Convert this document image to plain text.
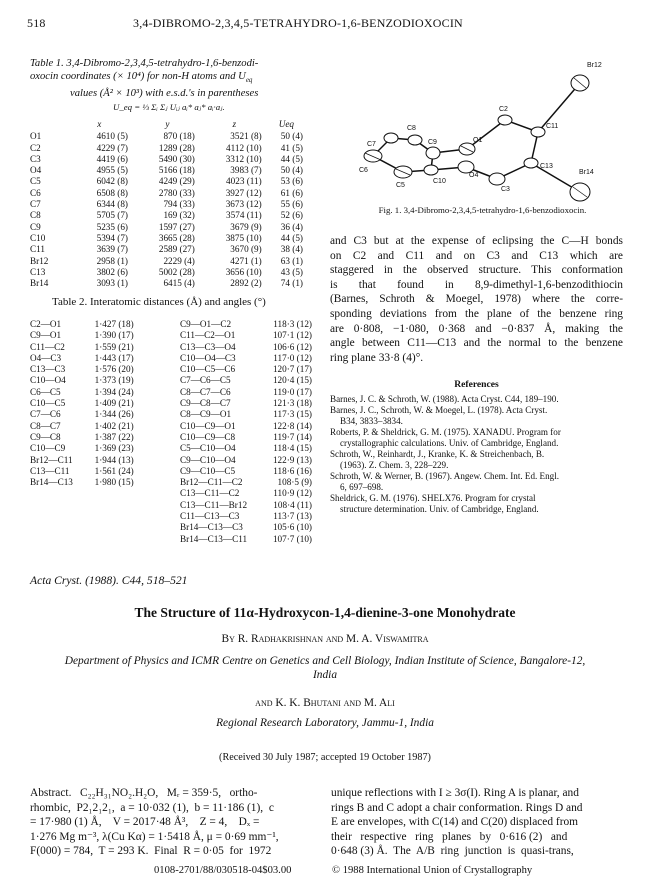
518	3,4-DIBROMO-2,3,4,5-TETRAHYDRO-1,6-BENZODIOXOCIN
Table 1. 3,4-Dibromo-2,3,4,5-tetrahydro-1,6-benzodi-
oxocin coordinates (× 10⁴) for non-H atoms and $U_{eq}$
values (Å² × 10³) with e.s.d.'s in parentheses
U_eq = ⅓ Σᵢ Σⱼ Uᵢⱼ aᵢ* aⱼ* aᵢ·aⱼ.
	x	y	z	Ueq
O1	4610 (5)	870 (18)	3521 (8)	50 (4)
C2	4229 (7)	1289 (28)	4112 (10)	41 (5)
C3	4419 (6)	5490 (30)	3312 (10)	44 (5)
O4	4955 (5)	5166 (18)	3983 (7)	50 (4)
C5	6042 (8)	4249 (29)	4023 (11)	53 (6)
C6	6508 (8)	2780 (33)	3927 (12)	61 (6)
C7	6344 (8)	794 (33)	3673 (12)	55 (6)
C8	5705 (7)	169 (32)	3574 (11)	52 (6)
C9	5235 (6)	1597 (27)	3679 (9)	36 (4)
C10	5394 (7)	3665 (28)	3875 (10)	44 (5)
C11	3639 (7)	2589 (27)	3670 (9)	38 (4)
Br12	2958 (1)	2229 (4)	4271 (1)	63 (1)
C13	3802 (6)	5002 (28)	3656 (10)	43 (5)
Br14	3093 (1)	6415 (4)	2892 (2)	74 (1)
Table 2. Interatomic distances (Å) and angles (°)
C2—O1	1·427 (18)
C9—O1	1·390 (17)
C11—C2	1·559 (21)
O4—C3	1·443 (17)
C13—C3	1·576 (20)
C10—O4	1·373 (19)
C6—C5	1·394 (24)
C10—C5	1·409 (21)
C7—C6	1·344 (26)
C8—C7	1·402 (21)
C9—C8	1·387 (22)
C10—C9	1·369 (23)
Br12—C11	1·944 (13)
C13—C11	1·561 (24)
Br14—C13	1·980 (15)
C9—O1—C2	118·3 (12)
C11—C2—O1	107·1 (12)
C13—C3—O4	106·6 (12)
C10—O4—C3	117·0 (12)
C10—C5—C6	120·7 (17)
C7—C6—C5	120·4 (15)
C8—C7—C6	119·0 (17)
C9—C8—C7	121·3 (18)
C8—C9—O1	117·3 (15)
C10—C9—O1	122·8 (14)
C10—C9—C8	119·7 (14)
C5—C10—O4	118·4 (15)
C9—C10—O4	122·9 (13)
C9—C10—C5	118·6 (16)
Br12—C11—C2	108·5 (9)
C13—C11—C2	110·9 (12)
C13—C11—Br12	108·4 (11)
C11—C13—C3	113·7 (13)
Br14—C13—C3	105·6 (10)
Br14—C13—C11	107·7 (10)
C7
C8
C9	O1
C2
Br12
C11
C13
Br14
C3
O4
C10
C5
C6
Fig. 1. 3,4-Dibromo-2,3,4,5-tetrahydro-1,6-benzodioxocin.
and C3 but at the expense of eclipsing the C—H bonds
on C2 and C11 and on C3 and C13 which are
staggered in the observed structure. This conformation
is that found in 8,9-dimethyl-1,6-benzodithiocin
(Barnes, Schroth & Moegel, 1978) where the corre-
sponding deviations from the plane of the benzene ring
are 0·808, −1·080, 0·368 and −0·837 Å, making the
angle between C11—C13 and the normal to the benzene
ring plane 33·8 (4)°.
References
Barnes, J. C. & Schroth, W. (1988). Acta Cryst. C44, 189–190.
Barnes, J. C., Schroth, W. & Moegel, L. (1978). Acta Cryst.
B34, 3833–3834.
Roberts, P. & Sheldrick, G. M. (1975). XANADU. Program for
crystallographic calculations. Univ. of Cambridge, England.
Schroth, W., Reinhardt, J., Kranke, K. & Streichenbach, B.
(1963). Z. Chem. 3, 228–229.
Schroth, W. & Werner, B. (1967). Angew. Chem. Int. Ed. Engl.
6, 697–698.
Sheldrick, G. M. (1976). SHELX76. Program for crystal
structure determination. Univ. of Cambridge, England.
Acta Cryst. (1988). C44, 518–521
The Structure of 11α-Hydroxycon-1,4-dienine-3-one Monohydrate
By R. Radhakrishnan and M. A. Viswamitra
Department of Physics and ICMR Centre on Genetics and Cell Biology, Indian Institute of Science, Bangalore-12,
India
and K. K. Bhutani and M. Ali
Regional Research Laboratory, Jammu-1, India
(Received 30 July 1987; accepted 19 October 1987)
Abstract.   C₂₂H₃₁NO₂.H₂O,   Mᵣ = 359·5,   ortho-
rhombic,  P2₁2₁2₁,  a = 10·032 (1),  b = 11·186 (1),  c
= 17·980 (1) Å,    V = 2017·48 Å³,    Z = 4,    Dₓ =
1·276 Mg m⁻³, λ(Cu Kα) = 1·5418 Å, μ = 0·69 mm⁻¹,
F(000) = 784,  T = 293 K.  Final  R = 0·05  for  1972
unique reflections with I ≥ 3σ(I). Ring A is planar, and
rings B and C adopt a chair conformation. Rings D and
E are envelopes, with C(14) and C(20) displaced from
their   respective   ring   planes   by   0·616 (2)   and
0·648 (3) Å.  The  A/B  ring  junction  is  quasi-trans,
0108-2701/88/030518-04$03.00	© 1988 International Union of Crystallography
